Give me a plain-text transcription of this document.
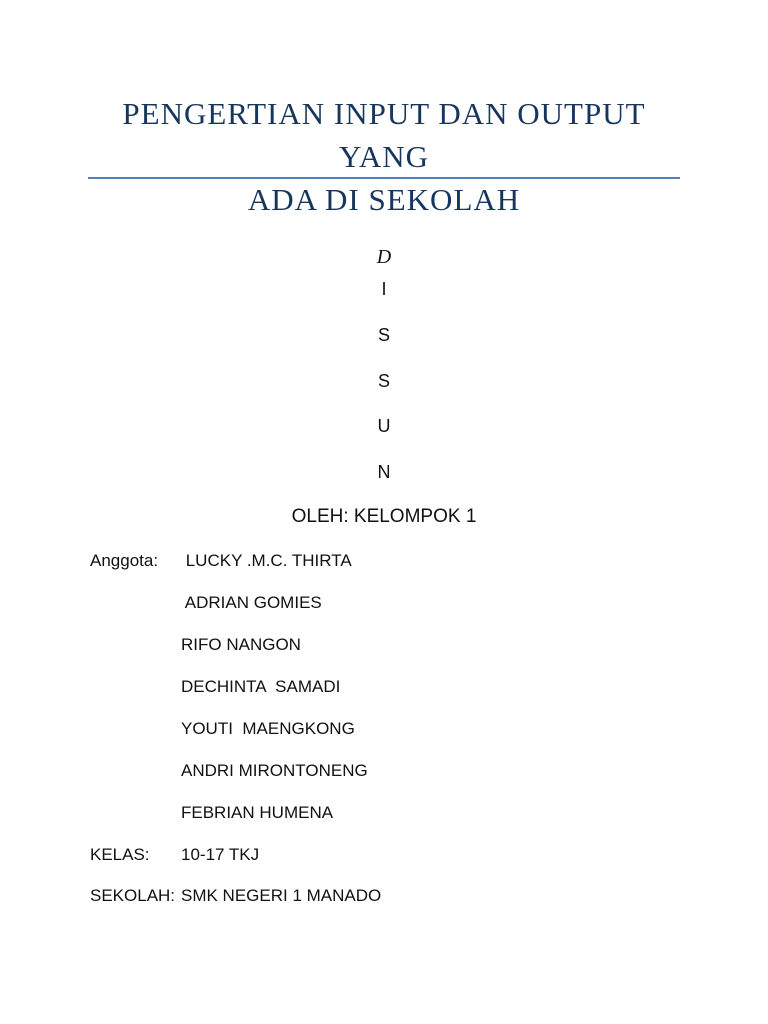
PENGERTIAN INPUT DAN OUTPUT YANG
ADA DI SEKOLAH
D
I
S
S
U
N
OLEH: KELOMPOK 1
Anggota: LUCKY .M.C. THIRTA
ADRIAN GOMIES
RIFO NANGON
DECHINTA  SAMADI
YOUTI  MAENGKONG
ANDRI MIRONTONENG
FEBRIAN HUMENA
KELAS: 10-17 TKJ
SEKOLAH: SMK NEGERI 1 MANADO
